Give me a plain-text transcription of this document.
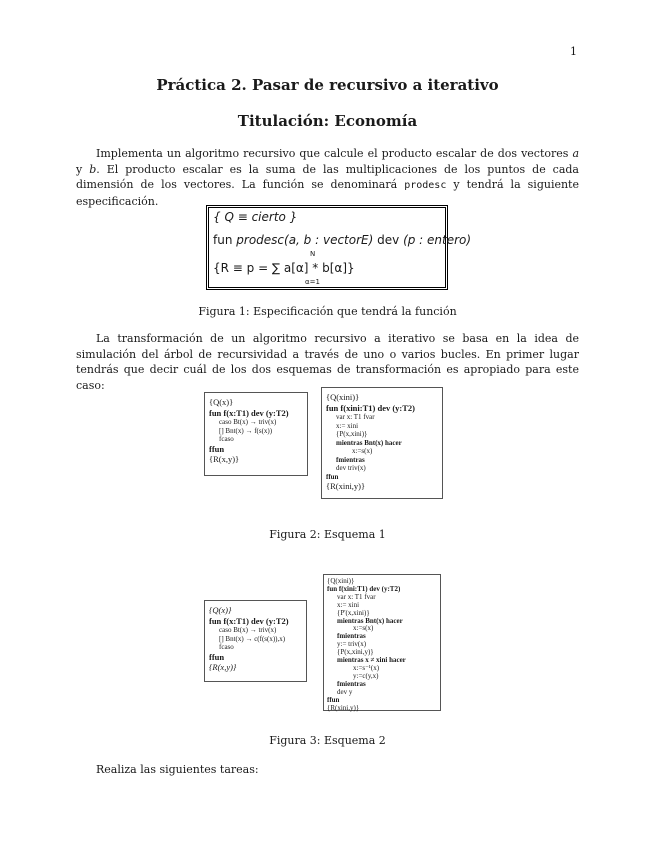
1
Práctica 2. Pasar de recursivo a iterativo
Titulación: Economía
Implementa un algoritmo recursivo que calcule el producto escalar de dos vectores a y b. El producto escalar es la suma de las multiplicaciones de los puntos de cada dimensión de los vectores. La función se denominará prodesc y tendrá la siguiente especificación.
{ Q ≡ cierto }
fun prodesc(a, b : vectorE) dev (p : entero)
N
{R ≡ p = ∑ a[α] * b[α]}
α=1
Figura 1: Especificación que tendrá la función
La transformación de un algoritmo recursivo a iterativo se basa en la idea de simulación del árbol de recursividad a través de uno o varios bucles. En primer lugar tendrás que decir cuál de los dos esquemas de transformación es apropiado para este caso:
{Q(x)}
fun f(x:T1) dev (y:T2)
caso Bt(x) → triv(x)
[] Bnt(x) → f(s(x))
fcaso
ffun
{R(x,y)}
{Q(xini)}
fun f(xini:T1) dev (y:T2)
var x: T1 fvar
x:= xini
{P(x,xini)}
mientras Bnt(x) hacer
x:=s(x)
fmientras
dev triv(x)
ffun
{R(xini,y)}
Figura 2: Esquema 1
{Q(x)}
fun f(x:T1) dev (y:T2)
caso Bt(x) → triv(x)
[] Bnt(x) → c(f(s(x)),x)
fcaso
ffun
{R(x,y)}
{Q(xini)}
fun f(xini:T1) dev (y:T2)
var x: T1 fvar
x:= xini
{P'(x,xini)}
mientras Bnt(x) hacer
x:=s(x)
fmientras
y:= triv(x)
{P(x,xini,y)}
mientras x ≠ xini hacer
x:=s⁻¹(x)
y:=c(y,x)
fmientras
dev y
ffun
{R(xini,y)}
Figura 3: Esquema 2
Realiza las siguientes tareas:
